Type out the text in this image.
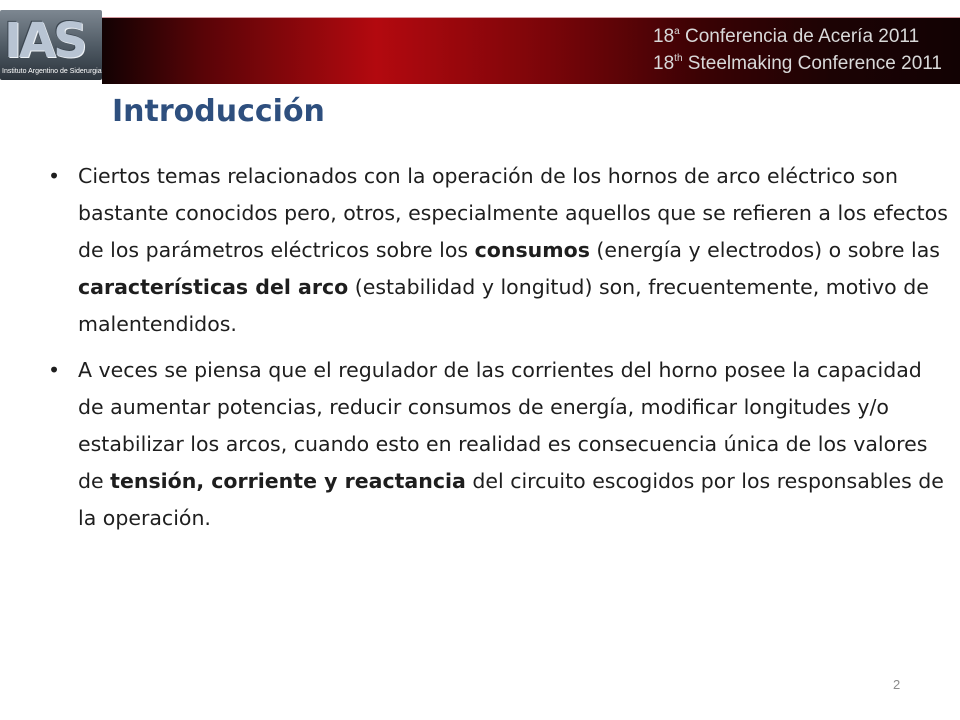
IAS
Instituto Argentino de Siderurgia
18$^a$ Conferencia de Acería 2011
18th Steelmaking Conference 2011
Introducción
• Ciertos temas relacionados con la operación de los hornos de arco eléctrico son bastante conocidos pero, otros, especialmente aquellos que se refieren a los efectos de los parámetros eléctricos sobre los consumos (energía y electrodos) o sobre las características del arco (estabilidad y longitud) son, frecuentemente, motivo de malentendidos.

• A veces se piensa que el regulador de las corrientes del horno posee la capacidad de aumentar potencias, reducir consumos de energía, modificar longitudes y/o estabilizar los arcos, cuando esto en realidad es consecuencia única de los valores de tensión, corriente y reactancia del circuito escogidos por los responsables de la operación.

2
